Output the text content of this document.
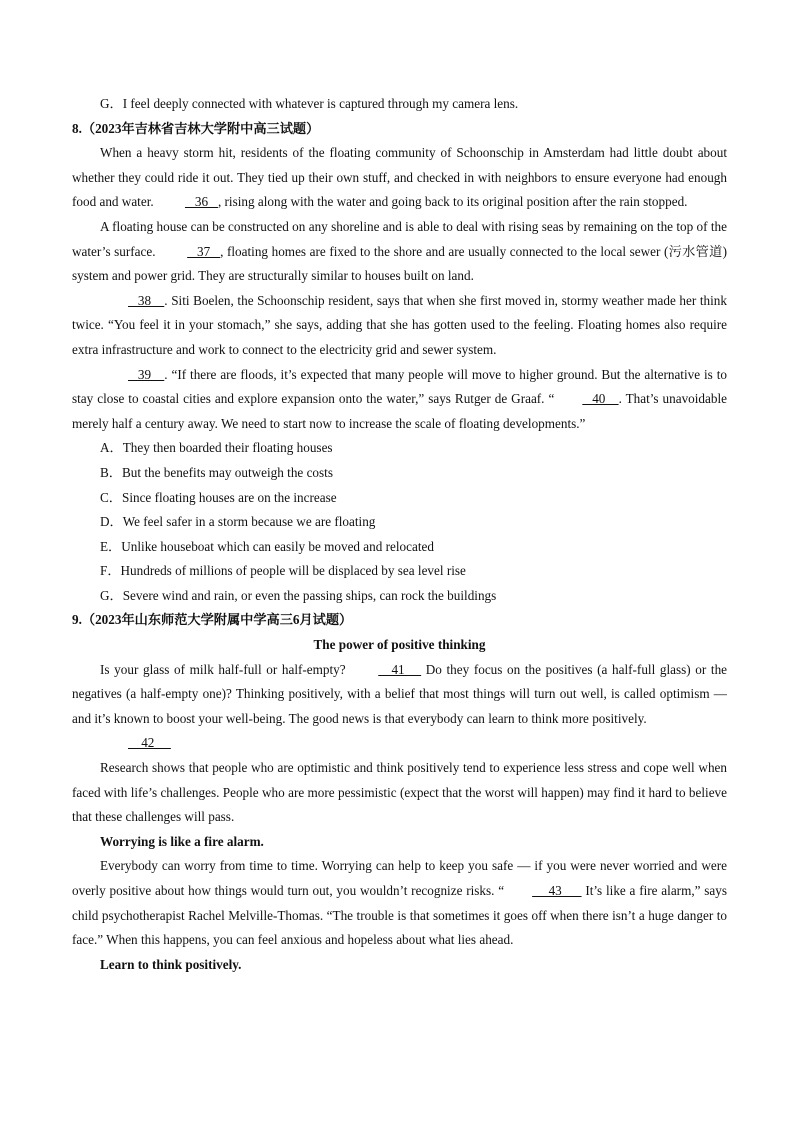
G．I feel deeply connected with whatever is captured through my camera lens.

8.（2023年吉林省吉林大学附中高三试题）

When a heavy storm hit, residents of the floating community of Schoonschip in Amsterdam had little doubt about whether they could ride it out. They tied up their own stuff, and checked in with neighbors to ensure everyone had enough food and water.    36   , rising along with the water and going back to its original position after the rain stopped.

A floating house can be constructed on any shoreline and is able to deal with rising seas by remaining on the top of the water’s surface.    37   , floating homes are fixed to the shore and are usually connected to the local sewer (污水管道) system and power grid. They are structurally similar to houses built on land.

38    . Siti Boelen, the Schoonschip resident, says that when she first moved in, stormy weather made her think twice. “You feel it in your stomach,” she says, adding that she has gotten used to the feeling. Floating homes also require extra infrastructure and work to connect to the electricity grid and sewer system.

39    . “If there are floods, it’s expected that many people will move to higher ground. But the alternative is to stay close to coastal cities and explore expansion onto the water,” says Rutger de Graaf. “   40    . That’s unavoidable merely half a century away. We need to start now to increase the scale of floating developments.”

A．They then boarded their floating houses

B．But the benefits may outweigh the costs

C．Since floating houses are on the increase

D．We feel safer in a storm because we are floating

E．Unlike houseboat which can easily be moved and relocated

F．Hundreds of millions of people will be displaced by sea level rise

G．Severe wind and rain, or even the passing ships, can rock the buildings

9.（2023年山东师范大学附属中学高三6月试题）

The power of positive thinking

Is your glass of milk half-full or half-empty?     41      Do they focus on the positives (a half-full glass) or the negatives (a half-empty one)? Thinking positively, with a belief that most things will turn out well, is called optimism — and it’s known to boost your well-being. The good news is that everybody can learn to think more positively.

42

Research shows that people who are optimistic and think positively tend to experience less stress and cope well when faced with life’s challenges. People who are more pessimistic (expect that the worst will happen) may find it hard to believe that these challenges will pass.

Worrying is like a fire alarm.

Everybody can worry from time to time. Worrying can help to keep you safe — if you were never worried and were overly positive about how things would turn out, you wouldn’t recognize risks. “     43       It’s like a fire alarm,” says child psychotherapist Rachel Melville-Thomas. “The trouble is that sometimes it goes off when there isn’t a huge danger to face.” When this happens, you can feel anxious and hopeless about what lies ahead.

Learn to think positively.
